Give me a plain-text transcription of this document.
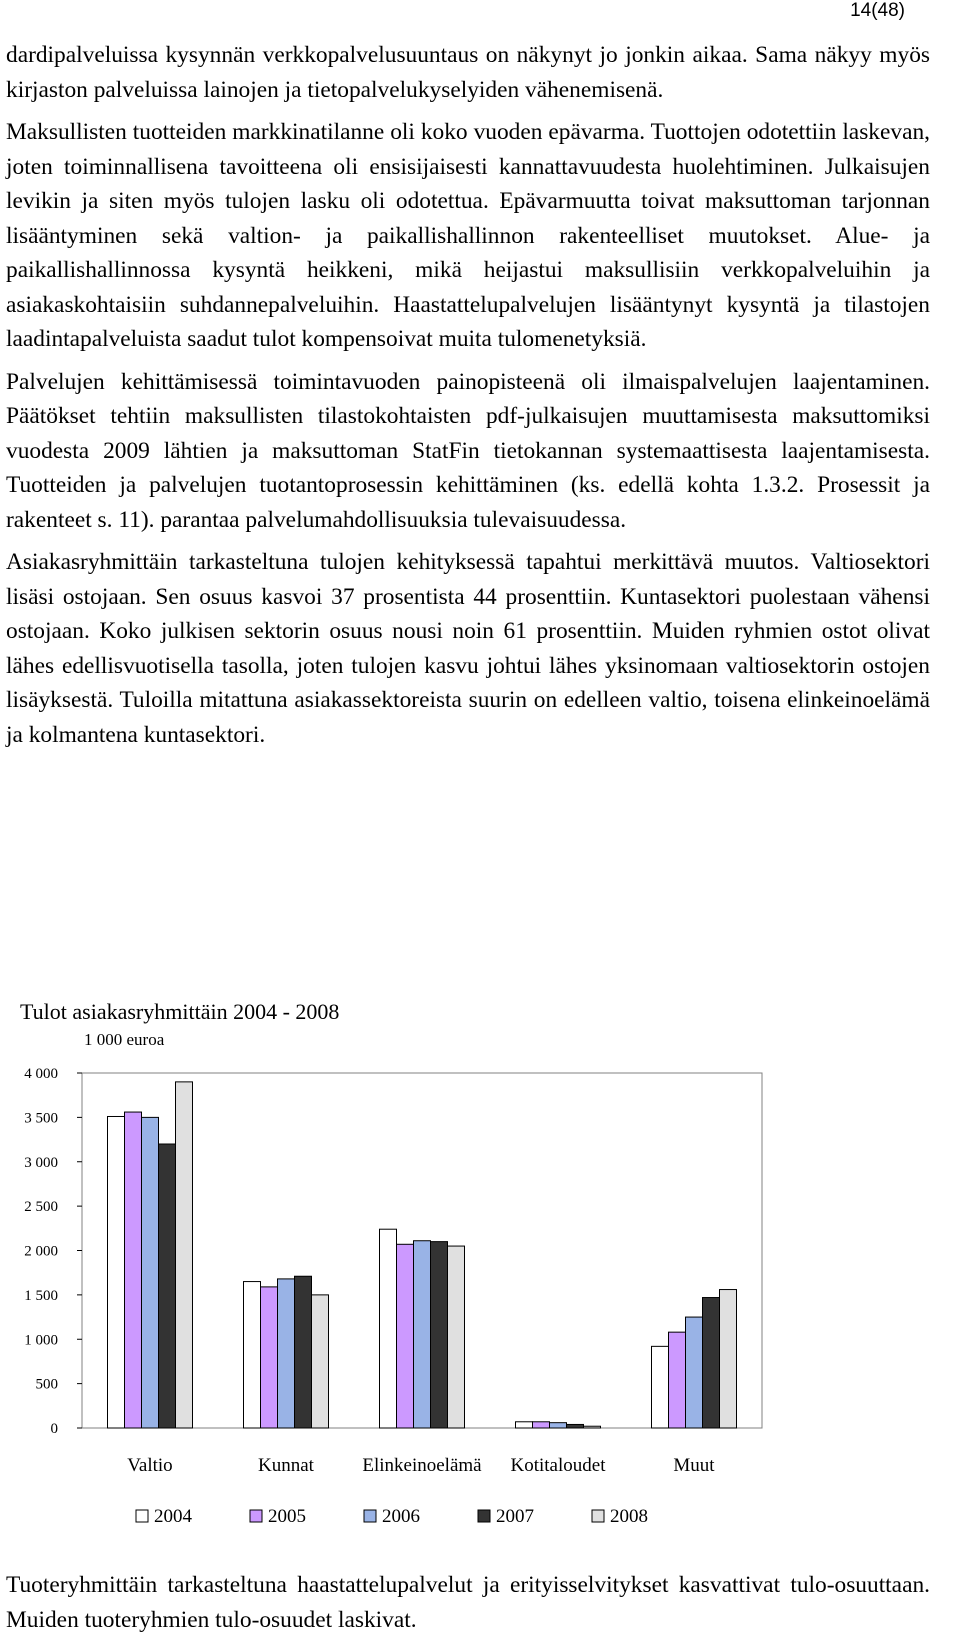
14(48)

dardipalveluissa kysynnän verkkopalvelusuuntaus on näkynyt jo jonkin aikaa. Sama näkyy myös kirjaston palveluissa lainojen ja tietopalvelukyselyiden vähenemisenä.

Maksullisten tuotteiden markkinatilanne oli koko vuoden epävarma. Tuottojen odotettiin laskevan, joten toiminnallisena tavoitteena oli ensisijaisesti kannattavuudesta huolehtiminen. Julkaisujen levikin ja siten myös tulojen lasku oli odotettua. Epävarmuutta toivat maksuttoman tarjonnan lisääntyminen sekä valtion- ja paikallishallinnon rakenteelliset muutokset. Alue- ja paikallishallinnossa kysyntä heikkeni, mikä heijastui maksullisiin verkkopalveluihin ja asiakaskohtaisiin suhdannepalveluihin. Haastattelupalvelujen lisääntynyt kysyntä ja tilastojen laadintapalveluista saadut tulot kompensoivat muita tulomenetyksiä.

Palvelujen kehittämisessä toimintavuoden painopisteenä oli ilmaispalvelujen laajentaminen. Päätökset tehtiin maksullisten tilastokohtaisten pdf-julkaisujen muuttamisesta maksuttomiksi vuodesta 2009 lähtien ja maksuttoman StatFin tietokannan systemaattisesta laajentamisesta. Tuotteiden ja palvelujen tuotantoprosessin kehittäminen (ks. edellä kohta 1.3.2. Prosessit ja rakenteet s. 11). parantaa palvelumahdollisuuksia tulevaisuudessa.

Asiakasryhmittäin tarkasteltuna tulojen kehityksessä tapahtui merkittävä muutos. Valtiosektori lisäsi ostojaan. Sen osuus kasvoi 37 prosentista 44 prosenttiin. Kuntasektori puolestaan vähensi ostojaan. Koko julkisen sektorin osuus nousi noin 61 prosenttiin. Muiden ryhmien ostot olivat lähes edellisvuotisella tasolla, joten tulojen kasvu johtui lähes yksinomaan valtiosektorin ostojen lisäyksestä. Tuloilla mitattuna asiakassektoreista suurin on edelleen valtio, toisena elinkeinoelämä ja kolmantena kuntasektori.

Tulot asiakasryhmittäin 2004 - 2008
1 000 euroa
0
500
1 000
1 500
2 000
2 500
3 000
3 500
4 000
Valtio	Kunnat	Elinkeinoelämä Kotitaloudet	Muut
2004	2005	2006	2007	2008
Tuoteryhmittäin tarkasteltuna haastattelupalvelut ja erityisselvitykset kasvattivat tulo-osuuttaan. Muiden tuoteryhmien tulo-osuudet laskivat.
